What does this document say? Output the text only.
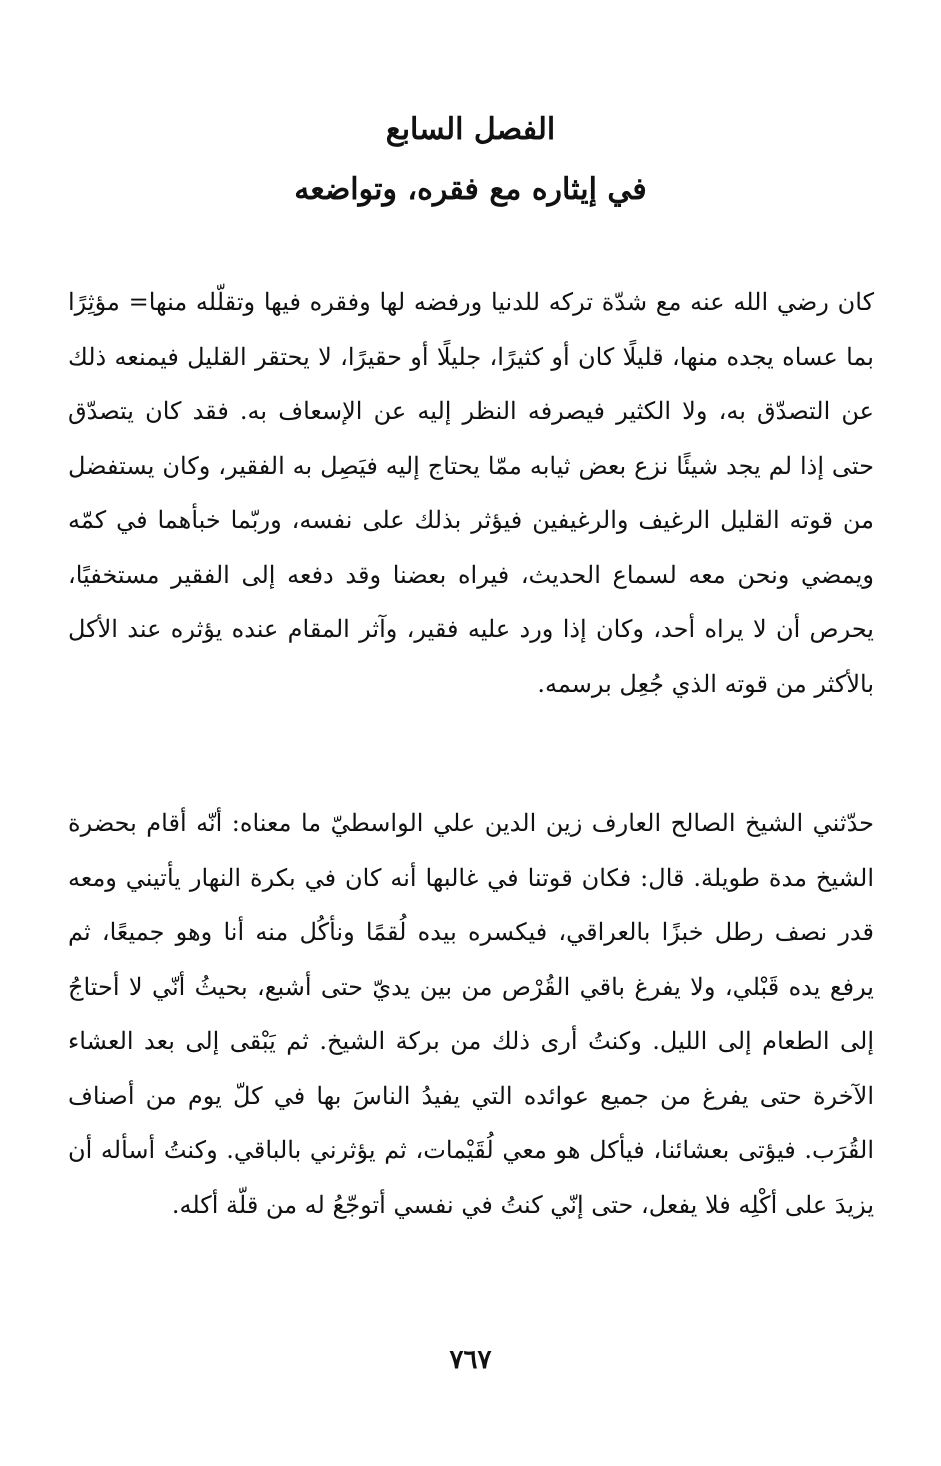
الفصل السابع
في إيثاره مع فقره، وتواضعه

كان رضي الله عنه مع شدّة تركه للدنيا ورفضه لها وفقره فيها وتقلّله منها= مؤثِرًا بما عساه يجده منها، قليلًا كان أو كثيرًا، جليلًا أو حقيرًا، لا يحتقر القليل فيمنعه ذلك عن التصدّق به، ولا الكثير فيصرفه النظر إليه عن الإسعاف به. فقد كان يتصدّق حتى إذا لم يجد شيئًا نزع بعض ثيابه ممّا يحتاج إليه فيَصِل به الفقير، وكان يستفضل من قوته القليل الرغيف والرغيفين فيؤثر بذلك على نفسه، وربّما خبأهما في كمّه ويمضي ونحن معه لسماع الحديث، فيراه بعضنا وقد دفعه إلى الفقير مستخفيًا، يحرص أن لا يراه أحد، وكان إذا ورد عليه فقير، وآثر المقام عنده يؤثره عند الأكل بالأكثر من قوته الذي جُعِل برسمه.

حدّثني الشيخ الصالح العارف زين الدين علي الواسطيّ ما معناه: أنّه أقام بحضرة الشيخ مدة طويلة. قال: فكان قوتنا في غالبها أنه كان في بكرة النهار يأتيني ومعه قدر نصف رطل خبزًا بالعراقي، فيكسره بيده لُقمًا ونأكُل منه أنا وهو جميعًا، ثم يرفع يده قَبْلي، ولا يفرغ باقي القُرْص من بين يديّ حتى أشبع، بحيثُ أنّي لا أحتاجُ إلى الطعام إلى الليل. وكنتُ أرى ذلك من بركة الشيخ. ثم يَبْقى إلى بعد العشاء الآخرة حتى يفرغ من جميع عوائده التي يفيدُ الناسَ بها في كلّ يوم من أصناف القُرَب. فيؤتى بعشائنا، فيأكل هو معي لُقَيْمات، ثم يؤثرني بالباقي. وكنتُ أسأله أن يزيدَ على أكْلِه فلا يفعل، حتى إنّي كنتُ في نفسي أتوجّعُ له من قلّة أكله.

٧٦٧
